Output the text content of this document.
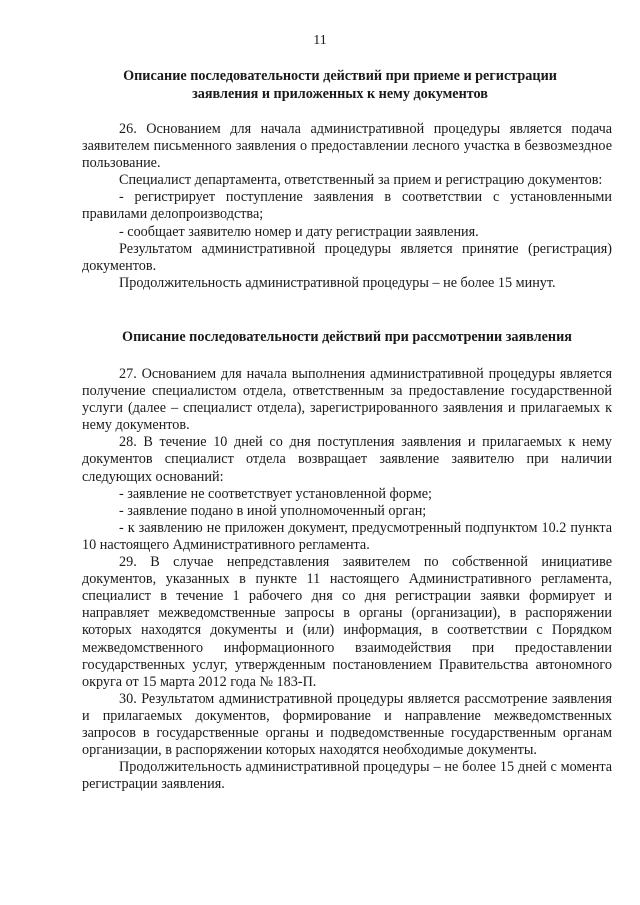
11
Описание последовательности действий при приеме и регистрации заявления и приложенных к нему документов

26. Основанием для начала административной процедуры является подача заявителем письменного заявления о предоставлении лесного участка в безвозмездное пользование.

Специалист департамента, ответственный за прием и регистрацию документов:

- регистрирует поступление заявления в соответствии с установленными правилами делопроизводства;

- сообщает заявителю номер и дату регистрации заявления.

Результатом административной процедуры является принятие (регистрация) документов.

Продолжительность административной процедуры – не более 15 минут.

Описание последовательности действий при рассмотрении заявления

27. Основанием для начала выполнения административной процедуры является получение специалистом отдела, ответственным за предоставление государственной услуги (далее – специалист отдела), зарегистрированного заявления и прилагаемых к нему документов.

28. В течение 10 дней со дня поступления заявления и прилагаемых к нему документов специалист отдела возвращает заявление заявителю при наличии следующих оснований:

- заявление не соответствует установленной форме;

- заявление подано в иной уполномоченный орган;

- к заявлению не приложен документ, предусмотренный подпунктом 10.2 пункта 10 настоящего Административного регламента.

29. В случае непредставления заявителем по собственной инициативе документов, указанных в пункте 11 настоящего Административного регламента, специалист в течение 1 рабочего дня со дня регистрации заявки формирует и направляет межведомственные запросы в органы (организации), в распоряжении которых находятся документы и (или) информация, в соответствии с Порядком межведомственного информационного взаимодействия при предоставлении государственных услуг, утвержденным постановлением Правительства автономного округа от 15 марта 2012 года № 183-П.

30. Результатом административной процедуры является рассмотрение заявления и прилагаемых документов, формирование и направление межведомственных запросов в государственные органы и подведомственные государственным органам организации, в распоряжении которых находятся необходимые документы.

Продолжительность административной процедуры – не более 15 дней с момента регистрации заявления.
